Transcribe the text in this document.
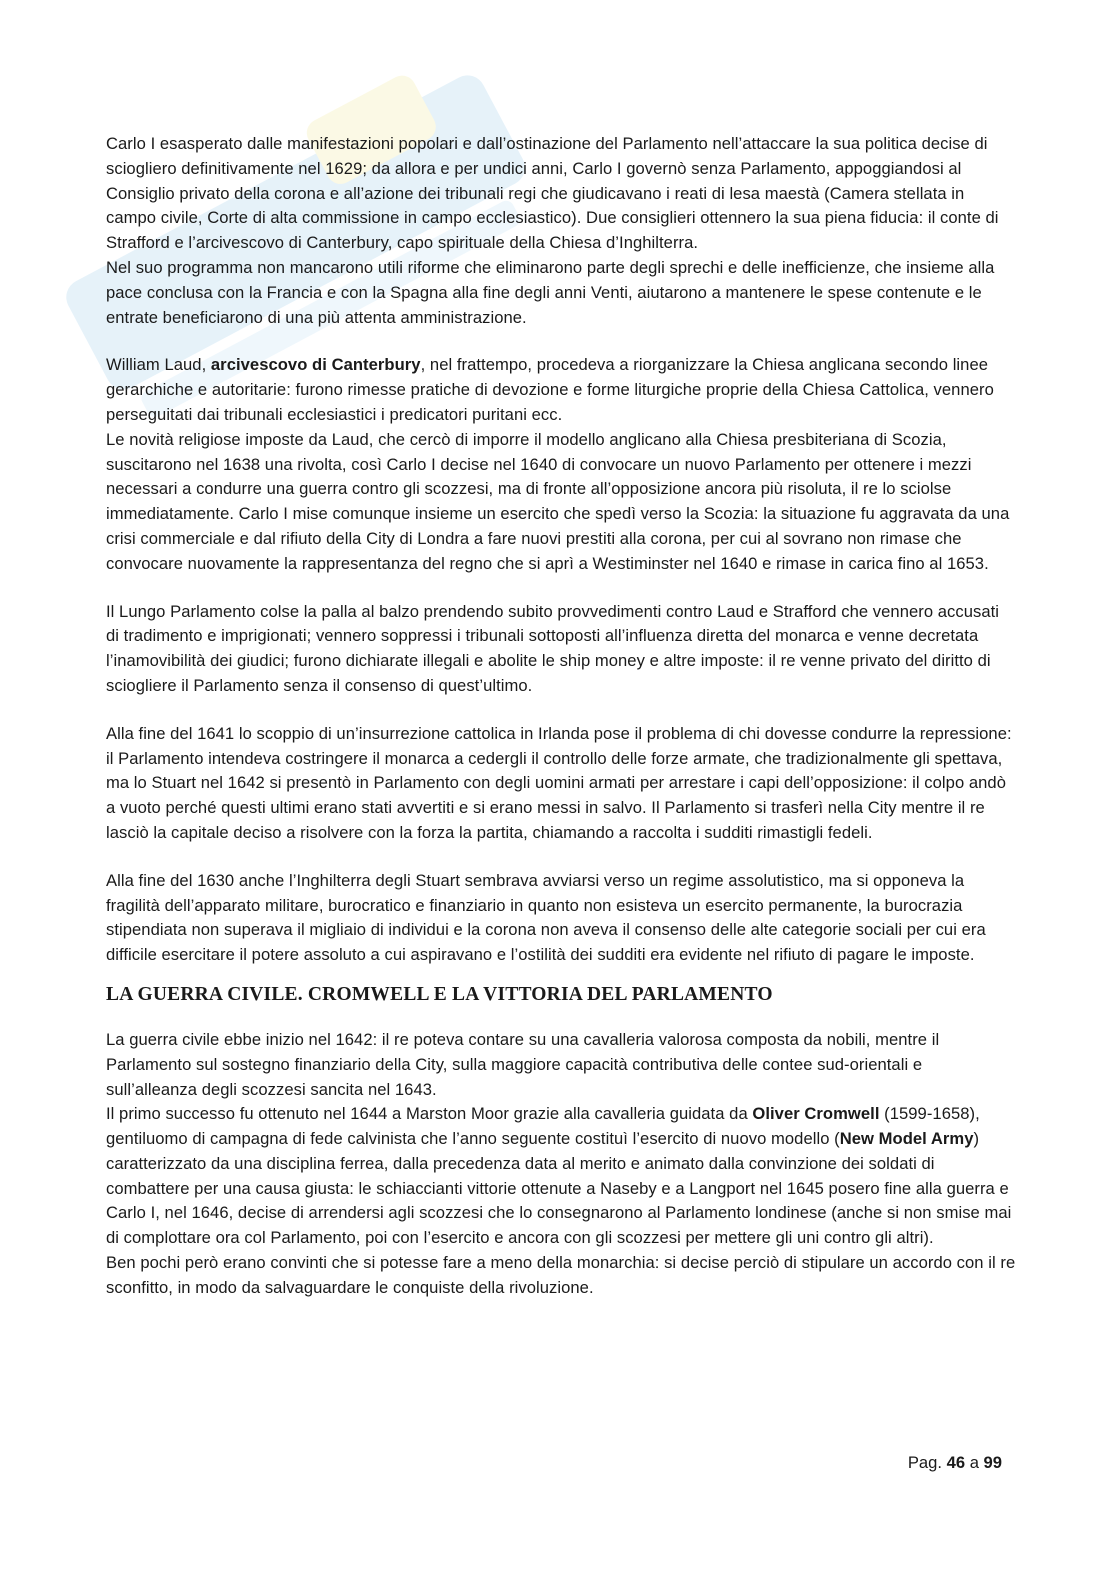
Carlo I esasperato dalle manifestazioni popolari e dall’ostinazione del Parlamento nell’attaccare la sua politica decise di sciogliero definitivamente nel 1629; da allora e per undici anni, Carlo I governò senza Parlamento, appoggiandosi al Consiglio privato della corona e all’azione dei tribunali regi che giudicavano i reati di lesa maestà (Camera stellata in campo civile, Corte di alta commissione in campo ecclesiastico). Due consiglieri ottennero la sua piena fiducia: il conte di Strafford e l’arcivescovo di Canterbury, capo spirituale della Chiesa d’Inghilterra.

Nel suo programma non mancarono utili riforme che eliminarono parte degli sprechi e delle inefficienze, che insieme alla pace conclusa con la Francia e con la Spagna alla fine degli anni Venti, aiutarono a mantenere le spese contenute e le entrate beneficiarono di una più attenta amministrazione.

William Laud, arcivescovo di Canterbury, nel frattempo, procedeva a riorganizzare la Chiesa anglicana secondo linee gerarchiche e autoritarie: furono rimesse pratiche di devozione e forme liturgiche proprie della Chiesa Cattolica, vennero perseguitati dai tribunali ecclesiastici i predicatori puritani ecc.

Le novità religiose imposte da Laud, che cercò di imporre il modello anglicano alla Chiesa presbiteriana di Scozia, suscitarono nel 1638 una rivolta, così Carlo I decise nel 1640 di convocare un nuovo Parlamento per ottenere i mezzi necessari a condurre una guerra contro gli scozzesi, ma di fronte all’opposizione ancora più risoluta, il re lo sciolse immediatamente. Carlo I mise comunque insieme un esercito che spedì verso la Scozia: la situazione fu aggravata da una crisi commerciale e dal rifiuto della City di Londra a fare nuovi prestiti alla corona, per cui al sovrano non rimase che convocare nuovamente la rappresentanza del regno che si aprì a Westiminster nel 1640 e rimase in carica fino al 1653.

Il Lungo Parlamento colse la palla al balzo prendendo subito provvedimenti contro Laud e Strafford che vennero accusati di tradimento e imprigionati; vennero soppressi i tribunali sottoposti all’influenza diretta del monarca e venne decretata l’inamovibilità dei giudici; furono dichiarate illegali e abolite le ship money e altre imposte: il re venne privato del diritto di sciogliere il Parlamento senza il consenso di quest’ultimo.

Alla fine del 1641 lo scoppio di un’insurrezione cattolica in Irlanda pose il problema di chi dovesse condurre la repressione: il Parlamento intendeva costringere il monarca a cedergli il controllo delle forze armate, che tradizionalmente gli spettava, ma lo Stuart nel 1642 si presentò in Parlamento con degli uomini armati per arrestare i capi dell’opposizione: il colpo andò a vuoto perché questi ultimi erano stati avvertiti e si erano messi in salvo. Il Parlamento si trasferì nella City mentre il re lasciò la capitale deciso a risolvere con la forza la partita, chiamando a raccolta i sudditi rimastigli fedeli.

Alla fine del 1630 anche l’Inghilterra degli Stuart sembrava avviarsi verso un regime assolutistico, ma si opponeva la fragilità dell’apparato militare, burocratico e finanziario in quanto non esisteva un esercito permanente, la burocrazia stipendiata non superava il migliaio di individui e la corona non aveva il consenso delle alte categorie sociali per cui era difficile esercitare il potere assoluto a cui aspiravano e l’ostilità dei sudditi era evidente nel rifiuto di pagare le imposte.

LA GUERRA CIVILE. CROMWELL E LA VITTORIA DEL PARLAMENTO

La guerra civile ebbe inizio nel 1642: il re poteva contare su una cavalleria valorosa composta da nobili, mentre il Parlamento sul sostegno finanziario della City, sulla maggiore capacità contributiva delle contee sud-orientali e sull’alleanza degli scozzesi sancita nel 1643.

Il primo successo fu ottenuto nel 1644 a Marston Moor grazie alla cavalleria guidata da Oliver Cromwell (1599-1658), gentiluomo di campagna di fede calvinista che l’anno seguente costituì l’esercito di nuovo modello (New Model Army) caratterizzato da una disciplina ferrea, dalla precedenza data al merito e animato dalla convinzione dei soldati di combattere per una causa giusta: le schiaccianti vittorie ottenute a Naseby e a Langport nel 1645 posero fine alla guerra e Carlo I, nel 1646, decise di arrendersi agli scozzesi che lo consegnarono al Parlamento londinese (anche si non smise mai di complottare ora col Parlamento, poi con l’esercito e ancora con gli scozzesi per mettere gli uni contro gli altri).

Ben pochi però erano convinti che si potesse fare a meno della monarchia: si decise perciò di stipulare un accordo con il re sconfitto, in modo da salvaguardare le conquiste della rivoluzione.

Pag. 46 a 99
